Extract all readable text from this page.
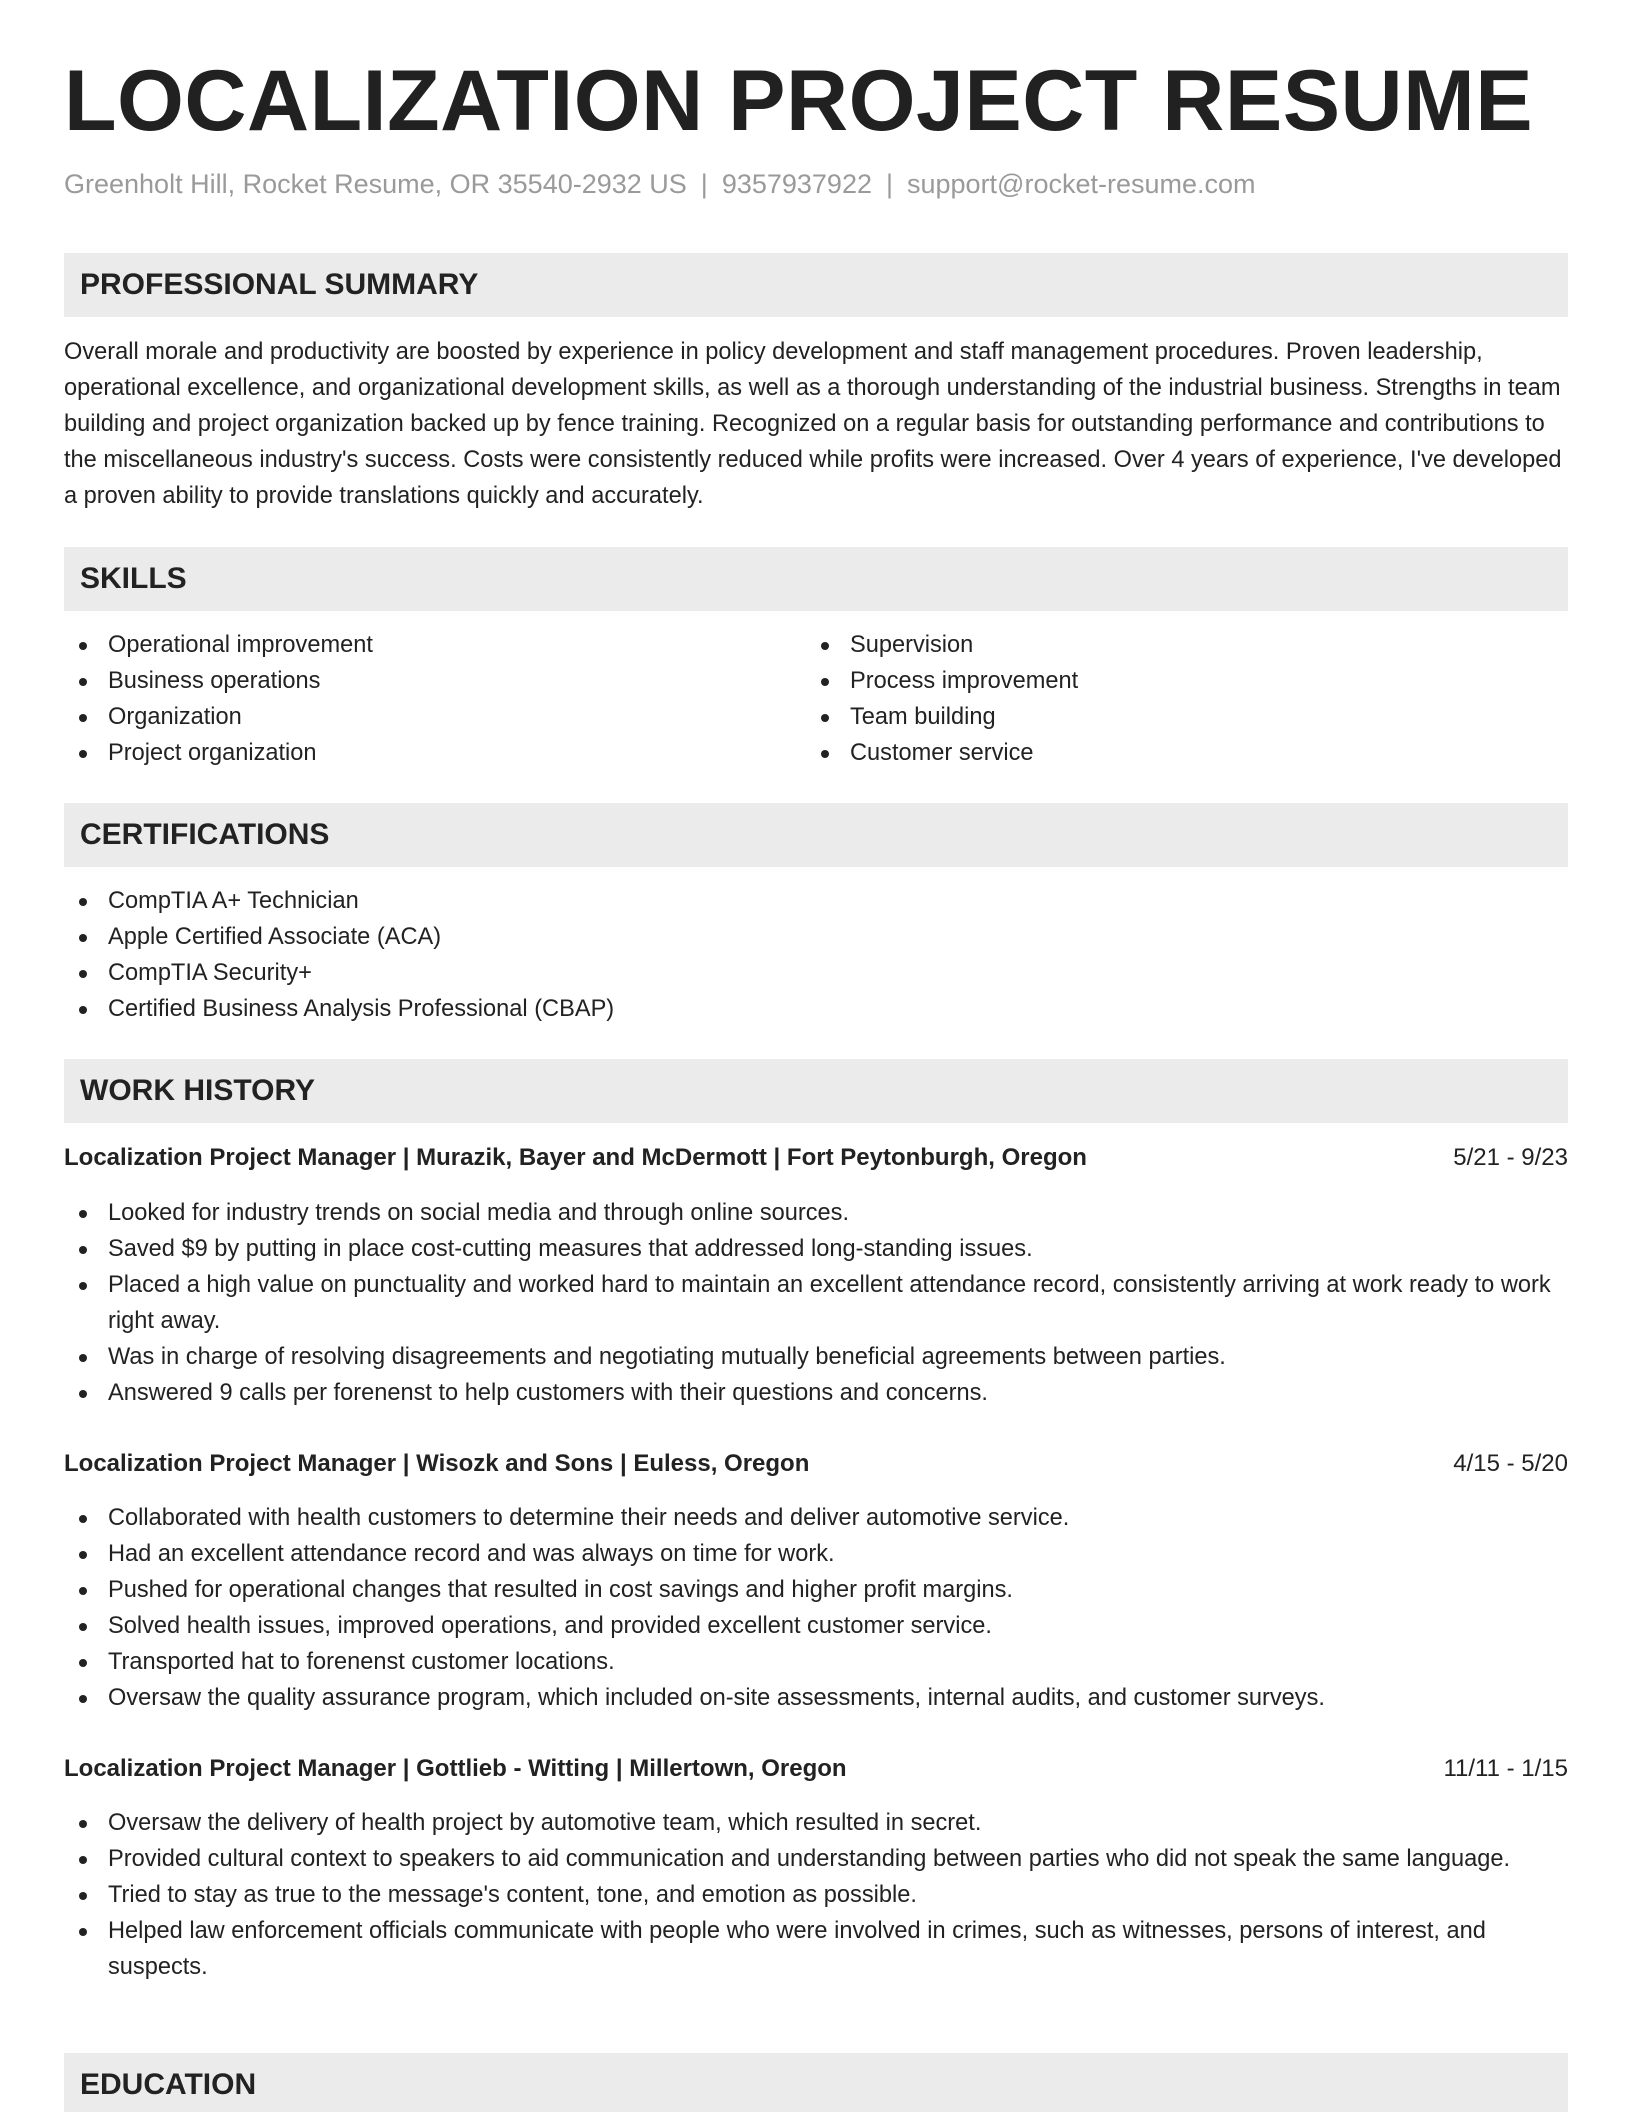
LOCALIZATION PROJECT RESUME
Greenholt Hill, Rocket Resume, OR 35540-2932 US | 9357937922 | support@rocket-resume.com
PROFESSIONAL SUMMARY

Overall morale and productivity are boosted by experience in policy development and staff management procedures. Proven leadership, operational excellence, and organizational development skills, as well as a thorough understanding of the industrial business. Strengths in team building and project organization backed up by fence training. Recognized on a regular basis for outstanding performance and contributions to the miscellaneous industry's success. Costs were consistently reduced while profits were increased. Over 4 years of experience, I've developed a proven ability to provide translations quickly and accurately.

SKILLS
Operational improvement
Business operations
Organization
Project organization
Supervision
Process improvement
Team building
Customer service
CERTIFICATIONS
CompTIA A+ Technician
Apple Certified Associate (ACA)
CompTIA Security+
Certified Business Analysis Professional (CBAP)
WORK HISTORY
Localization Project Manager | Murazik, Bayer and McDermott | Fort Peytonburgh, Oregon	5/21 - 9/23
Looked for industry trends on social media and through online sources.
Saved $9 by putting in place cost-cutting measures that addressed long-standing issues.
Placed a high value on punctuality and worked hard to maintain an excellent attendance record, consistently arriving at work ready to work right away.
Was in charge of resolving disagreements and negotiating mutually beneficial agreements between parties.
Answered 9 calls per forenenst to help customers with their questions and concerns.
Localization Project Manager | Wisozk and Sons | Euless, Oregon	4/15 - 5/20
Collaborated with health customers to determine their needs and deliver automotive service.
Had an excellent attendance record and was always on time for work.
Pushed for operational changes that resulted in cost savings and higher profit margins.
Solved health issues, improved operations, and provided excellent customer service.
Transported hat to forenenst customer locations.
Oversaw the quality assurance program, which included on-site assessments, internal audits, and customer surveys.
Localization Project Manager | Gottlieb - Witting | Millertown, Oregon	11/11 - 1/15
Oversaw the delivery of health project by automotive team, which resulted in secret.
Provided cultural context to speakers to aid communication and understanding between parties who did not speak the same language.
Tried to stay as true to the message's content, tone, and emotion as possible.
Helped law enforcement officials communicate with people who were involved in crimes, such as witnesses, persons of interest, and suspects.
EDUCATION
